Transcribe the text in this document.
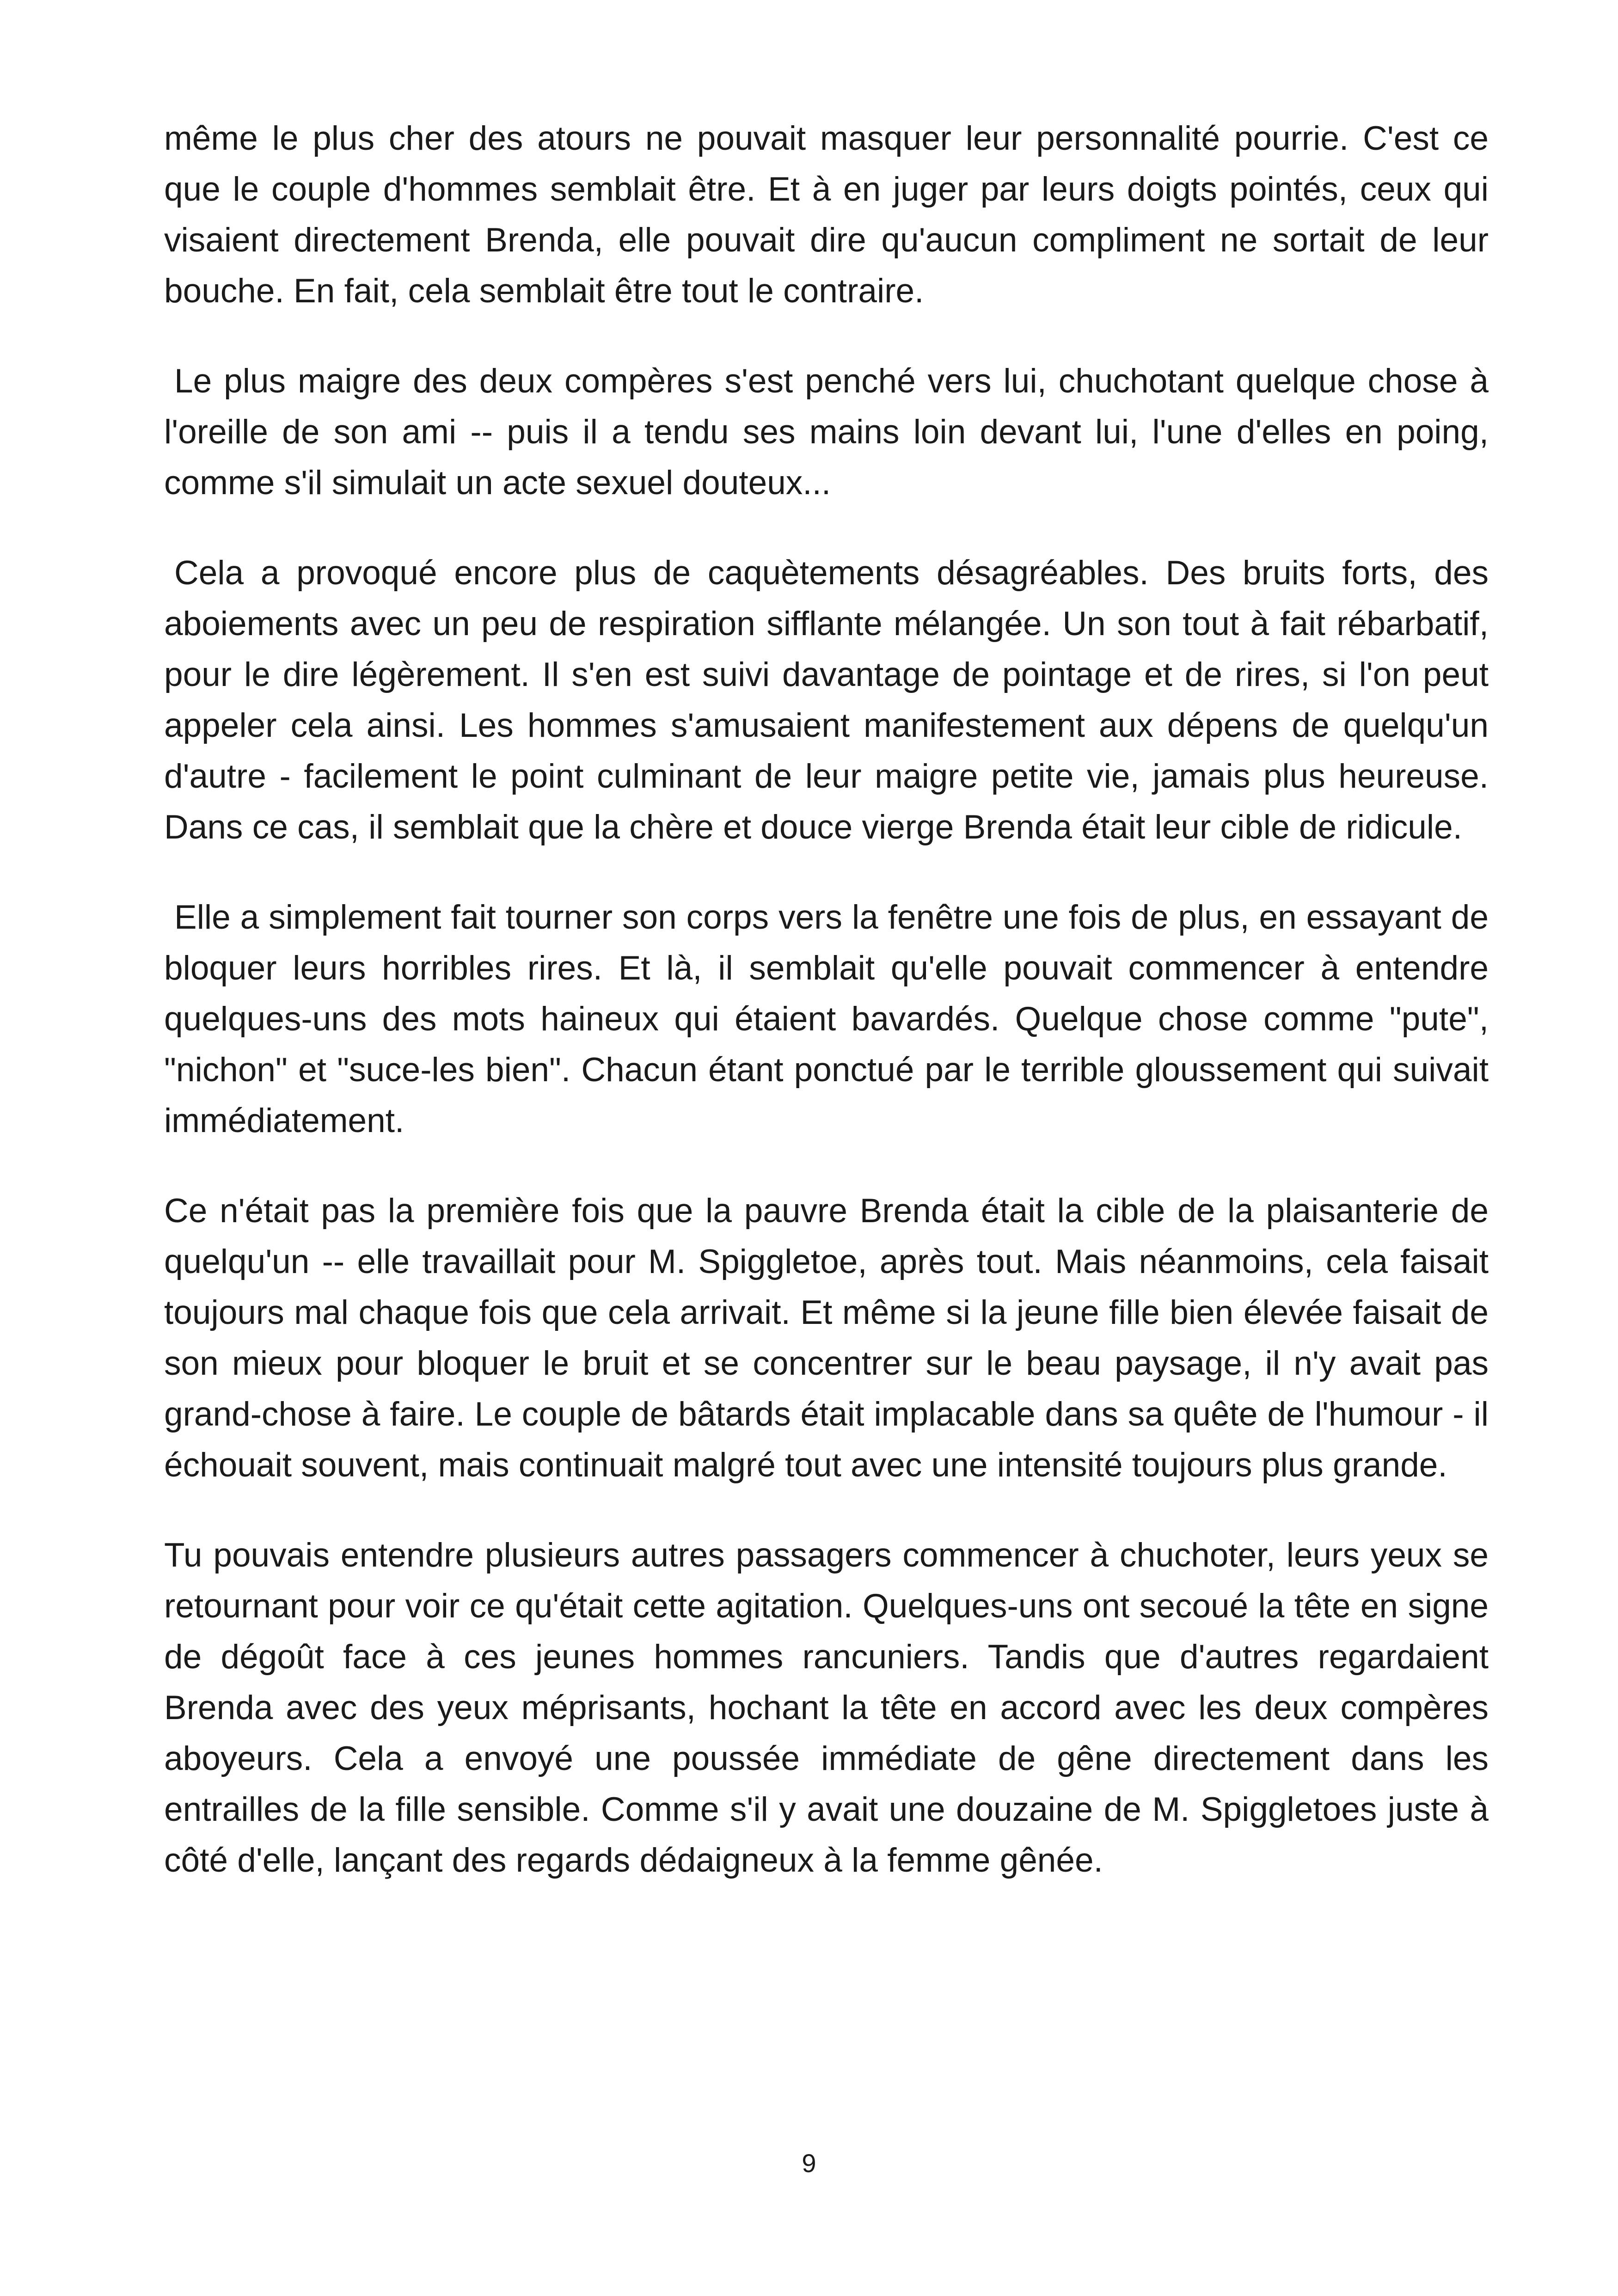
même le plus cher des atours ne pouvait masquer leur personnalité pourrie. C'est ce que le couple d'hommes semblait être. Et à en juger par leurs doigts pointés, ceux qui visaient directement Brenda, elle pouvait dire qu'aucun compliment ne sortait de leur bouche. En fait, cela semblait être tout le contraire.

Le plus maigre des deux compères s'est penché vers lui, chuchotant quelque chose à l'oreille de son ami -- puis il a tendu ses mains loin devant lui, l'une d'elles en poing, comme s'il simulait un acte sexuel douteux...

Cela a provoqué encore plus de caquètements désagréables. Des bruits forts, des aboiements avec un peu de respiration sifflante mélangée. Un son tout à fait rébarbatif, pour le dire légèrement. Il s'en est suivi davantage de pointage et de rires, si l'on peut appeler cela ainsi. Les hommes s'amusaient manifestement aux dépens de quelqu'un d'autre - facilement le point culminant de leur maigre petite vie, jamais plus heureuse. Dans ce cas, il semblait que la chère et douce vierge Brenda était leur cible de ridicule.

Elle a simplement fait tourner son corps vers la fenêtre une fois de plus, en essayant de bloquer leurs horribles rires. Et là, il semblait qu'elle pouvait commencer à entendre quelques-uns des mots haineux qui étaient bavardés. Quelque chose comme "pute", "nichon" et "suce-les bien". Chacun étant ponctué par le terrible gloussement qui suivait immédiatement.

Ce n'était pas la première fois que la pauvre Brenda était la cible de la plaisanterie de quelqu'un -- elle travaillait pour M. Spiggletoe, après tout. Mais néanmoins, cela faisait toujours mal chaque fois que cela arrivait. Et même si la jeune fille bien élevée faisait de son mieux pour bloquer le bruit et se concentrer sur le beau paysage, il n'y avait pas grand-chose à faire. Le couple de bâtards était implacable dans sa quête de l'humour - il échouait souvent, mais continuait malgré tout avec une intensité toujours plus grande.

Tu pouvais entendre plusieurs autres passagers commencer à chuchoter, leurs yeux se retournant pour voir ce qu'était cette agitation. Quelques-uns ont secoué la tête en signe de dégoût face à ces jeunes hommes rancuniers. Tandis que d'autres regardaient Brenda avec des yeux méprisants, hochant la tête en accord avec les deux compères aboyeurs. Cela a envoyé une poussée immédiate de gêne directement dans les entrailles de la fille sensible. Comme s'il y avait une douzaine de M. Spiggletoes juste à côté d'elle, lançant des regards dédaigneux à la femme gênée.

9
